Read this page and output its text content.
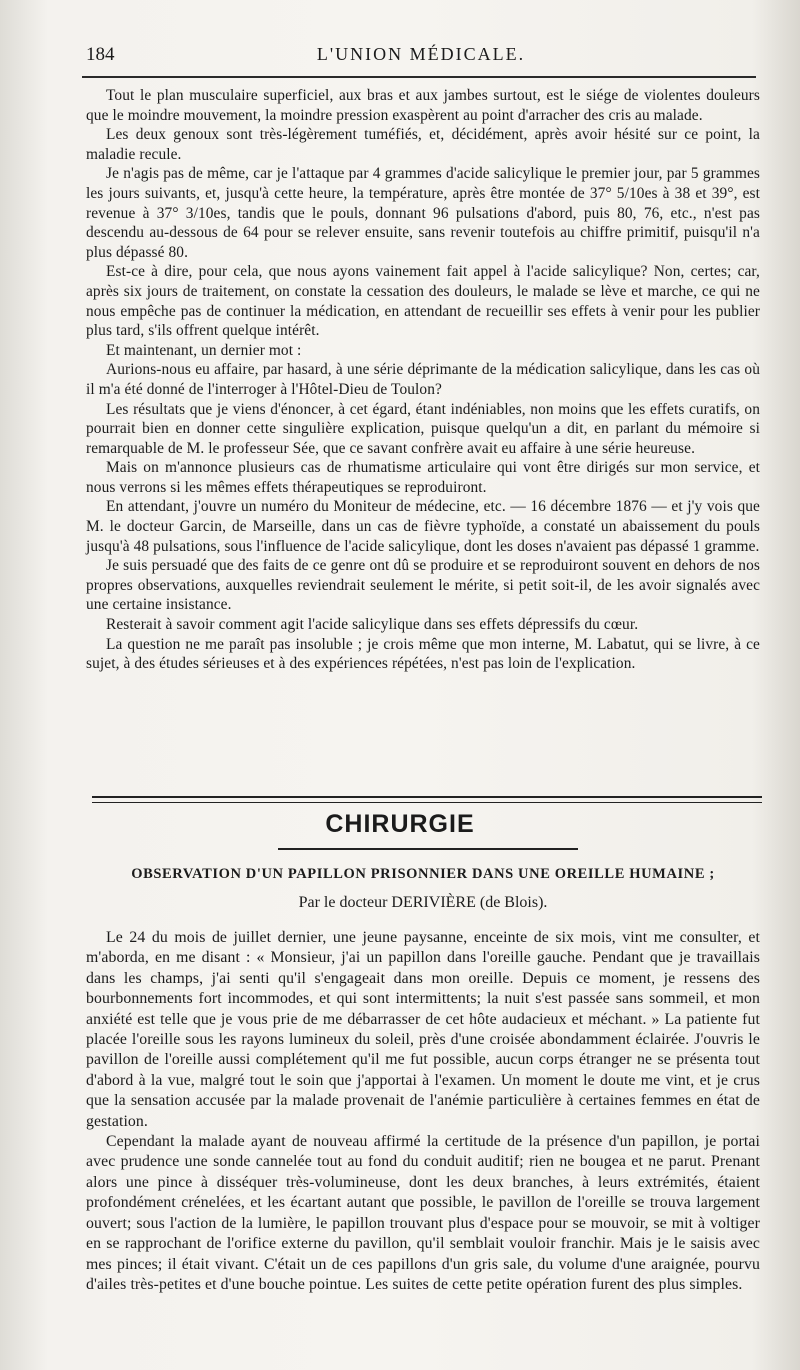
184	L'UNION MÉDICALE.

Tout le plan musculaire superficiel, aux bras et aux jambes surtout, est le siége de violentes douleurs que le moindre mouvement, la moindre pression exaspèrent au point d'arracher des cris au malade.

Les deux genoux sont très-légèrement tuméfiés, et, décidément, après avoir hésité sur ce point, la maladie recule.

Je n'agis pas de même, car je l'attaque par 4 grammes d'acide salicylique le premier jour, par 5 grammes les jours suivants, et, jusqu'à cette heure, la température, après être montée de 37° 5/10es à 38 et 39°, est revenue à 37° 3/10es, tandis que le pouls, donnant 96 pulsations d'abord, puis 80, 76, etc., n'est pas descendu au-dessous de 64 pour se relever ensuite, sans revenir toutefois au chiffre primitif, puisqu'il n'a plus dépassé 80.

Est-ce à dire, pour cela, que nous ayons vainement fait appel à l'acide salicylique? Non, certes; car, après six jours de traitement, on constate la cessation des douleurs, le malade se lève et marche, ce qui ne nous empêche pas de continuer la médication, en attendant de recueillir ses effets à venir pour les publier plus tard, s'ils offrent quelque intérêt.

Et maintenant, un dernier mot :

Aurions-nous eu affaire, par hasard, à une série déprimante de la médication salicylique, dans les cas où il m'a été donné de l'interroger à l'Hôtel-Dieu de Toulon?

Les résultats que je viens d'énoncer, à cet égard, étant indéniables, non moins que les effets curatifs, on pourrait bien en donner cette singulière explication, puisque quelqu'un a dit, en parlant du mémoire si remarquable de M. le professeur Sée, que ce savant confrère avait eu affaire à une série heureuse.

Mais on m'annonce plusieurs cas de rhumatisme articulaire qui vont être dirigés sur mon service, et nous verrons si les mêmes effets thérapeutiques se reproduiront.

En attendant, j'ouvre un numéro du Moniteur de médecine, etc. — 16 décembre 1876 — et j'y vois que M. le docteur Garcin, de Marseille, dans un cas de fièvre typhoïde, a constaté un abaissement du pouls jusqu'à 48 pulsations, sous l'influence de l'acide salicylique, dont les doses n'avaient pas dépassé 1 gramme.

Je suis persuadé que des faits de ce genre ont dû se produire et se reproduiront souvent en dehors de nos propres observations, auxquelles reviendrait seulement le mérite, si petit soit-il, de les avoir signalés avec une certaine insistance.

Resterait à savoir comment agit l'acide salicylique dans ses effets dépressifs du cœur.

La question ne me paraît pas insoluble ; je crois même que mon interne, M. Labatut, qui se livre, à ce sujet, à des études sérieuses et à des expériences répétées, n'est pas loin de l'explication.

CHIRURGIE
OBSERVATION D'UN PAPILLON PRISONNIER DANS UNE OREILLE HUMAINE ;
Par le docteur DERIVIÈRE (de Blois).

Le 24 du mois de juillet dernier, une jeune paysanne, enceinte de six mois, vint me consulter, et m'aborda, en me disant : « Monsieur, j'ai un papillon dans l'oreille gauche. Pendant que je travaillais dans les champs, j'ai senti qu'il s'engageait dans mon oreille. Depuis ce moment, je ressens des bourbonnements fort incommodes, et qui sont intermittents; la nuit s'est passée sans sommeil, et mon anxiété est telle que je vous prie de me débarrasser de cet hôte audacieux et méchant. » La patiente fut placée l'oreille sous les rayons lumineux du soleil, près d'une croisée abondamment éclairée. J'ouvris le pavillon de l'oreille aussi complétement qu'il me fut possible, aucun corps étranger ne se présenta tout d'abord à la vue, malgré tout le soin que j'apportai à l'examen. Un moment le doute me vint, et je crus que la sensation accusée par la malade provenait de l'anémie particulière à certaines femmes en état de gestation.

Cependant la malade ayant de nouveau affirmé la certitude de la présence d'un papillon, je portai avec prudence une sonde cannelée tout au fond du conduit auditif; rien ne bougea et ne parut. Prenant alors une pince à disséquer très-volumineuse, dont les deux branches, à leurs extrémités, étaient profondément crénelées, et les écartant autant que possible, le pavillon de l'oreille se trouva largement ouvert; sous l'action de la lumière, le papillon trouvant plus d'espace pour se mouvoir, se mit à voltiger en se rapprochant de l'orifice externe du pavillon, qu'il semblait vouloir franchir. Mais je le saisis avec mes pinces; il était vivant. C'était un de ces papillons d'un gris sale, du volume d'une araignée, pourvu d'ailes très-petites et d'une bouche pointue. Les suites de cette petite opération furent des plus simples.
